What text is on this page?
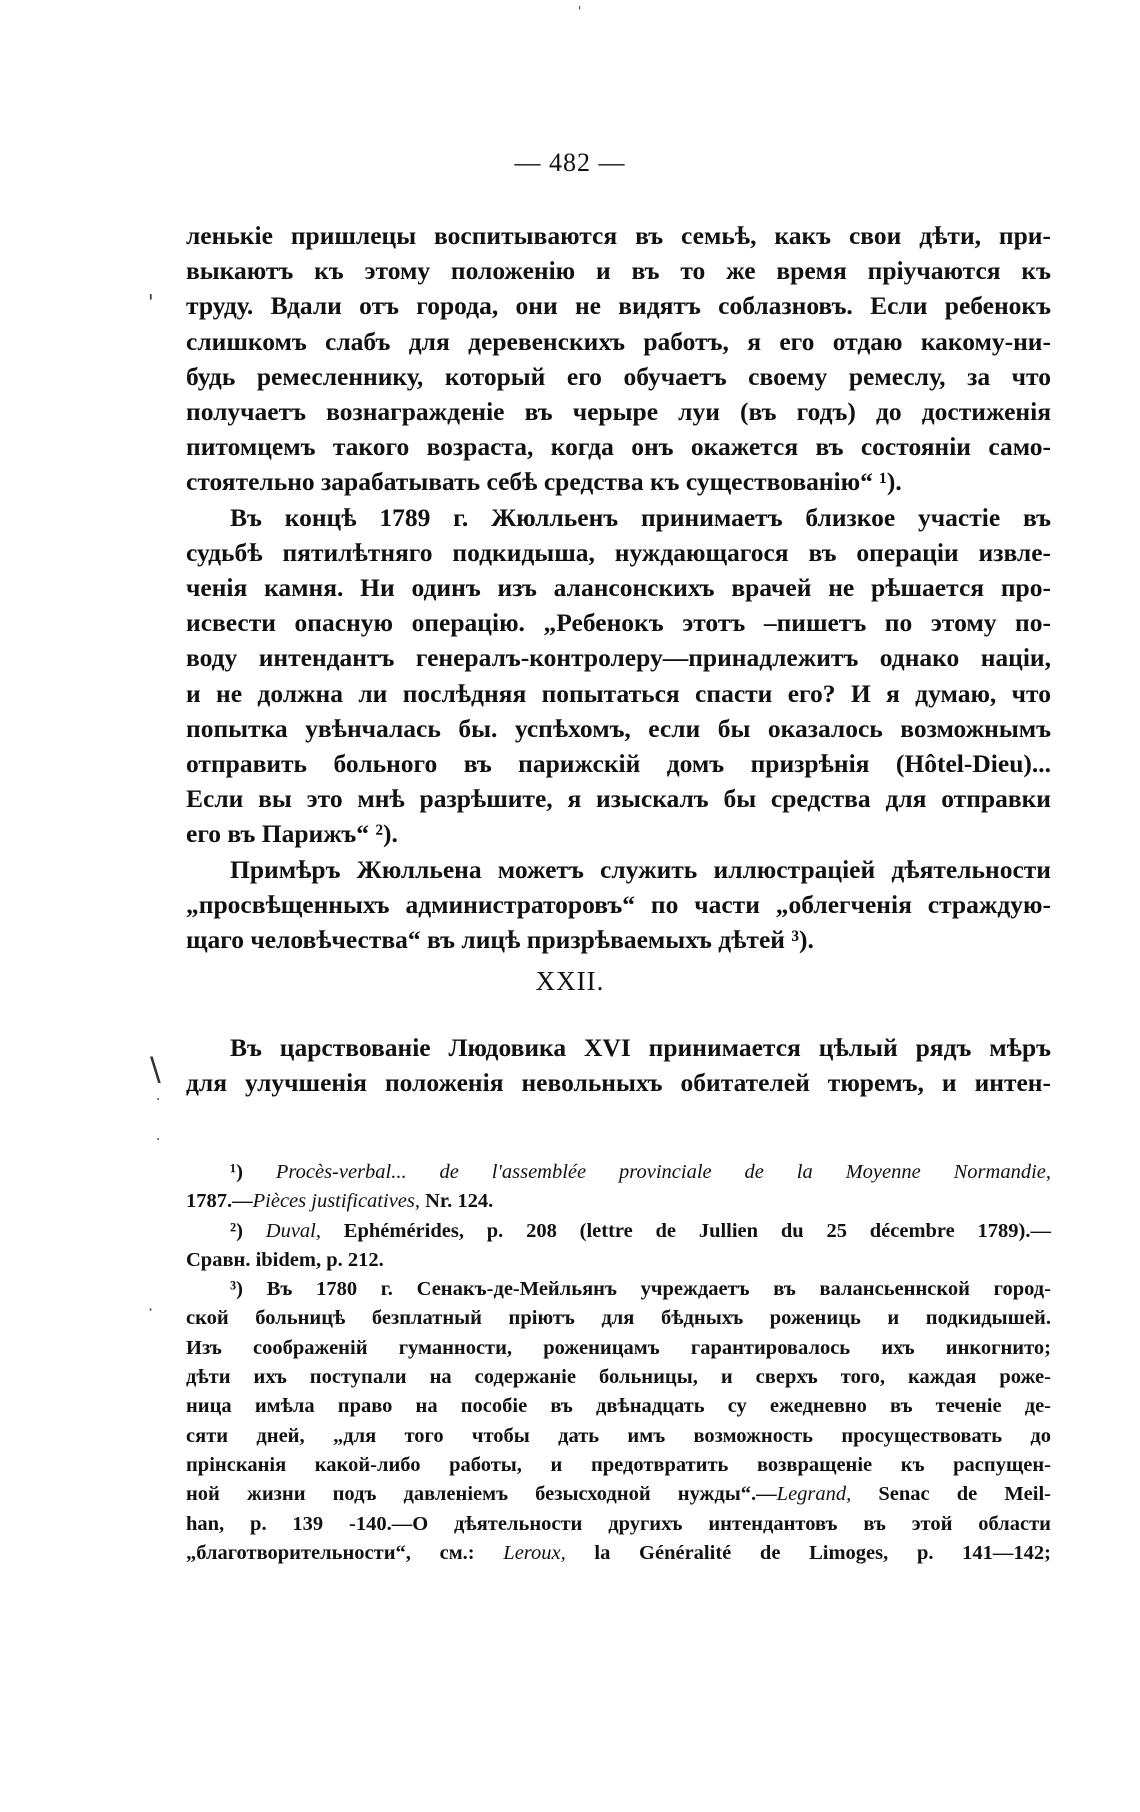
— 482 —
'
'
\
·
·
·
ленькіе пришлецы воспитываются въ семьѣ, какъ свои дѣти, при-
выкаютъ къ этому положенію и въ то же время пріучаются къ
труду. Вдали отъ города, они не видятъ соблазновъ. Если ребенокъ
слишкомъ слабъ для деревенскихъ работъ, я его отдаю какому-ни-
будь ремесленнику, который его обучаетъ своему ремеслу, за что
получаетъ вознагражденіе въ черыре луи (въ годъ) до достиженія
питомцемъ такого возраста, когда онъ окажется въ состояніи само-
стоятельно зарабатывать себѣ средства къ существованію“ ¹).
Въ концѣ 1789 г. Жюлльенъ принимаетъ близкое участіе въ
судьбѣ пятилѣтняго подкидыша, нуждающагося въ операціи извле-
ченія камня. Ни одинъ изъ алансонскихъ врачей не рѣшается про-
исвести опасную операцію. „Ребенокъ этотъ –пишетъ по этому по-
воду интендантъ генералъ-контролеру––принадлежитъ однако націи,
и не должна ли послѣдняя попытаться спасти его? И я думаю, что
попытка увѣнчалась бы. успѣхомъ, если бы оказалось возможнымъ
отправить больного въ парижскій домъ призрѣнія (Hôtel-Dieu)...
Если вы это мнѣ разрѣшите, я изыскалъ бы средства для отправки
его въ Парижъ“ ²).
Примѣръ Жюлльена можетъ служить иллюстраціей дѣятельности
„просвѣщенныхъ администраторовъ“ по части „облегченія страждую-
щаго человѣчества“ въ лицѣ призрѣваемыхъ дѣтей ³).
XXII.
Въ царствованіе Людовика XVI принимается цѣлый рядъ мѣръ
для улучшенія положенія невольныхъ обитателей тюремъ, и интен-
¹) Procès-verbal... de l'assemblée provinciale de la Moyenne Normandie,
1787.—Pièces justificatives, Nr. 124.
²) Duval, Ephémérides, p. 208 (lettre de Jullien du 25 décembre 1789).—
Сравн. ibidem, p. 212.
³) Въ 1780 г. Сенакъ-де-Мейльянъ учреждаетъ въ валансьеннской город-
ской больницѣ безплатный пріютъ для бѣдныхъ рожениць и подкидышей.
Изъ соображеній гуманности, роженицамъ гарантировалось ихъ инкогнито;
дѣти ихъ поступали на содержаніе больницы, и сверхъ того, каждая роже-
ница имѣла право на пособіе въ двѣнадцать су ежедневно въ теченіе де-
сяти дней, „для того чтобы дать имъ возможность просуществовать до
прінсканія какой-либо работы, и предотвратить возвращеніе къ распущен-
ной жизни подъ давленіемъ безысходной нужды“.—Legrand, Senac de Meil-
han, p. 139 -140.—О дѣятельности другихъ интендантовъ въ этой области
„благотворительности“, см.: Leroux, la Généralité de Limoges, p. 141—142;
